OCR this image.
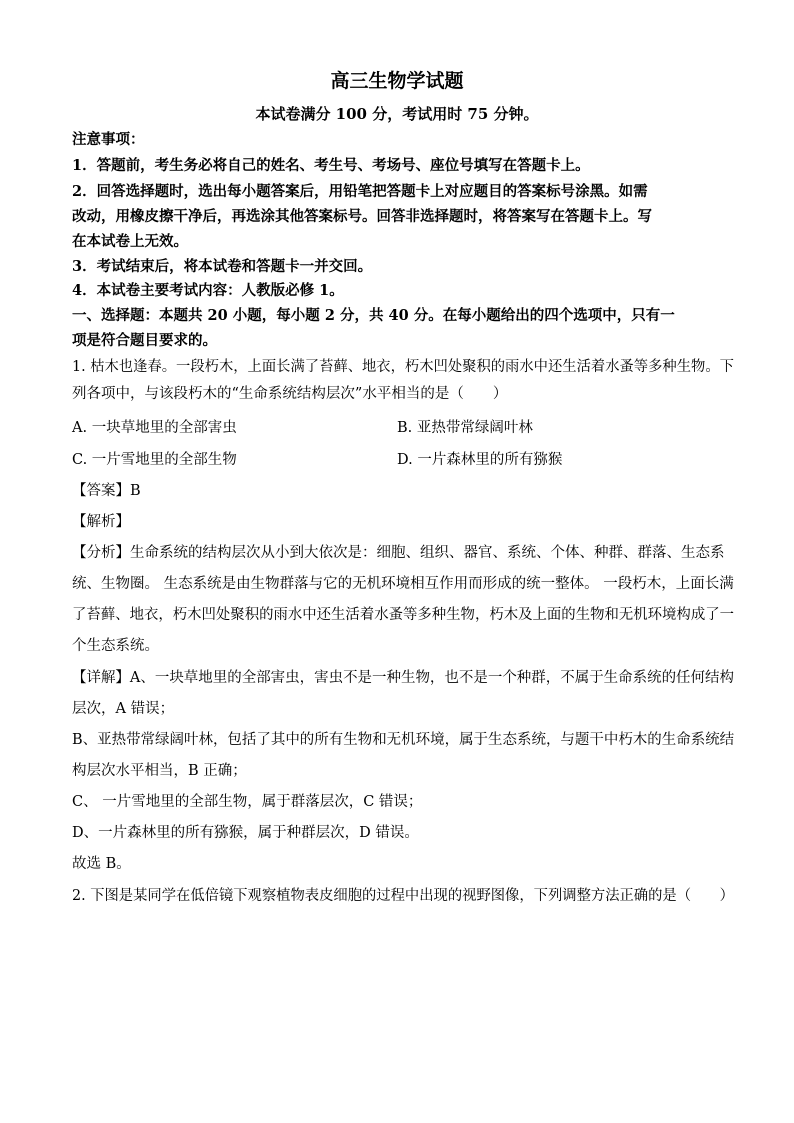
高三生物学试题
本试卷满分 100 分，考试用时 75 分钟。
注意事项：
1．答题前，考生务必将自己的姓名、考生号、考场号、座位号填写在答题卡上。
2．回答选择题时，选出每小题答案后，用铅笔把答题卡上对应题目的答案标号涂黑。如需
改动，用橡皮擦干净后，再选涂其他答案标号。回答非选择题时，将答案写在答题卡上。写
在本试卷上无效。
3．考试结束后，将本试卷和答题卡一并交回。
4．本试卷主要考试内容：人教版必修 1。
一、选择题：本题共 20 小题，每小题 2 分，共 40 分。在每小题给出的四个选项中，只有一
项是符合题目要求的。
1. 枯木也逢春。一段朽木，上面长满了苔藓、地衣，朽木凹处聚积的雨水中还生活着水蚤等多种生物。下
列各项中，与该段朽木的“生命系统结构层次”水平相当的是（　　）
A. 一块草地里的全部害虫	B. 亚热带常绿阔叶林
C. 一片雪地里的全部生物	D. 一片森林里的所有猕猴
【答案】B
【解析】
【分析】生命系统的结构层次从小到大依次是：细胞、组织、器官、系统、个体、种群、群落、生态系
统、生物圈。 生态系统是由生物群落与它的无机环境相互作用而形成的统一整体。 一段朽木，上面长满
了苔藓、地衣，朽木凹处聚积的雨水中还生活着水蚤等多种生物，朽木及上面的生物和无机环境构成了一
个生态系统。
【详解】A、一块草地里的全部害虫，害虫不是一种生物，也不是一个种群，不属于生命系统的任何结构
层次，A 错误；
B、亚热带常绿阔叶林，包括了其中的所有生物和无机环境，属于生态系统，与题干中朽木的生命系统结
构层次水平相当，B 正确；
C、 一片雪地里的全部生物，属于群落层次，C 错误；
D、一片森林里的所有猕猴，属于种群层次，D 错误。
故选 B。
2. 下图是某同学在低倍镜下观察植物表皮细胞的过程中出现的视野图像，下列调整方法正确的是（　　）
